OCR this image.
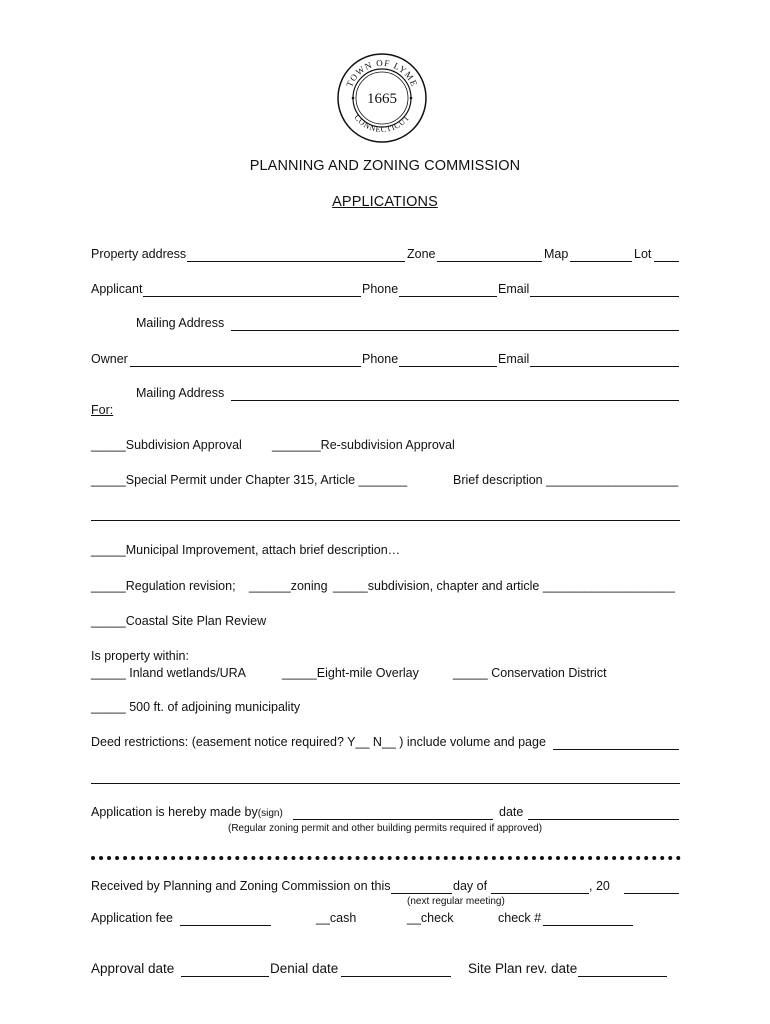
TOWN OF LYME
CONNECTICUT
1665
PLANNING AND ZONING COMMISSION
APPLICATIONS
Property address	Zone	Map	Lot
Applicant	Phone	Email
Mailing Address
Owner	Phone	Email
Mailing Address
For:
_____Subdivision Approval _______Re-subdivision Approval
_____Special Permit under Chapter 315, Article _______	Brief description ___________________
_____Municipal Improvement, attach brief description…
_____Regulation revision; ______zoning _____subdivision, chapter and article ___________________
_____Coastal Site Plan Review
Is property within:
_____ Inland wetlands/URA	_____Eight-mile Overlay	_____ Conservation District
_____ 500 ft. of adjoining municipality
Deed restrictions: (easement notice required? Y__ N__ ) include volume and page
Application is hereby made by(sign)	date
(Regular zoning permit and other building permits required if approved)
Received by Planning and Zoning Commission on this	day of	, 20
(next regular meeting)
Application fee	__cash	__check	check #
Approval date	Denial date	Site Plan rev. date
